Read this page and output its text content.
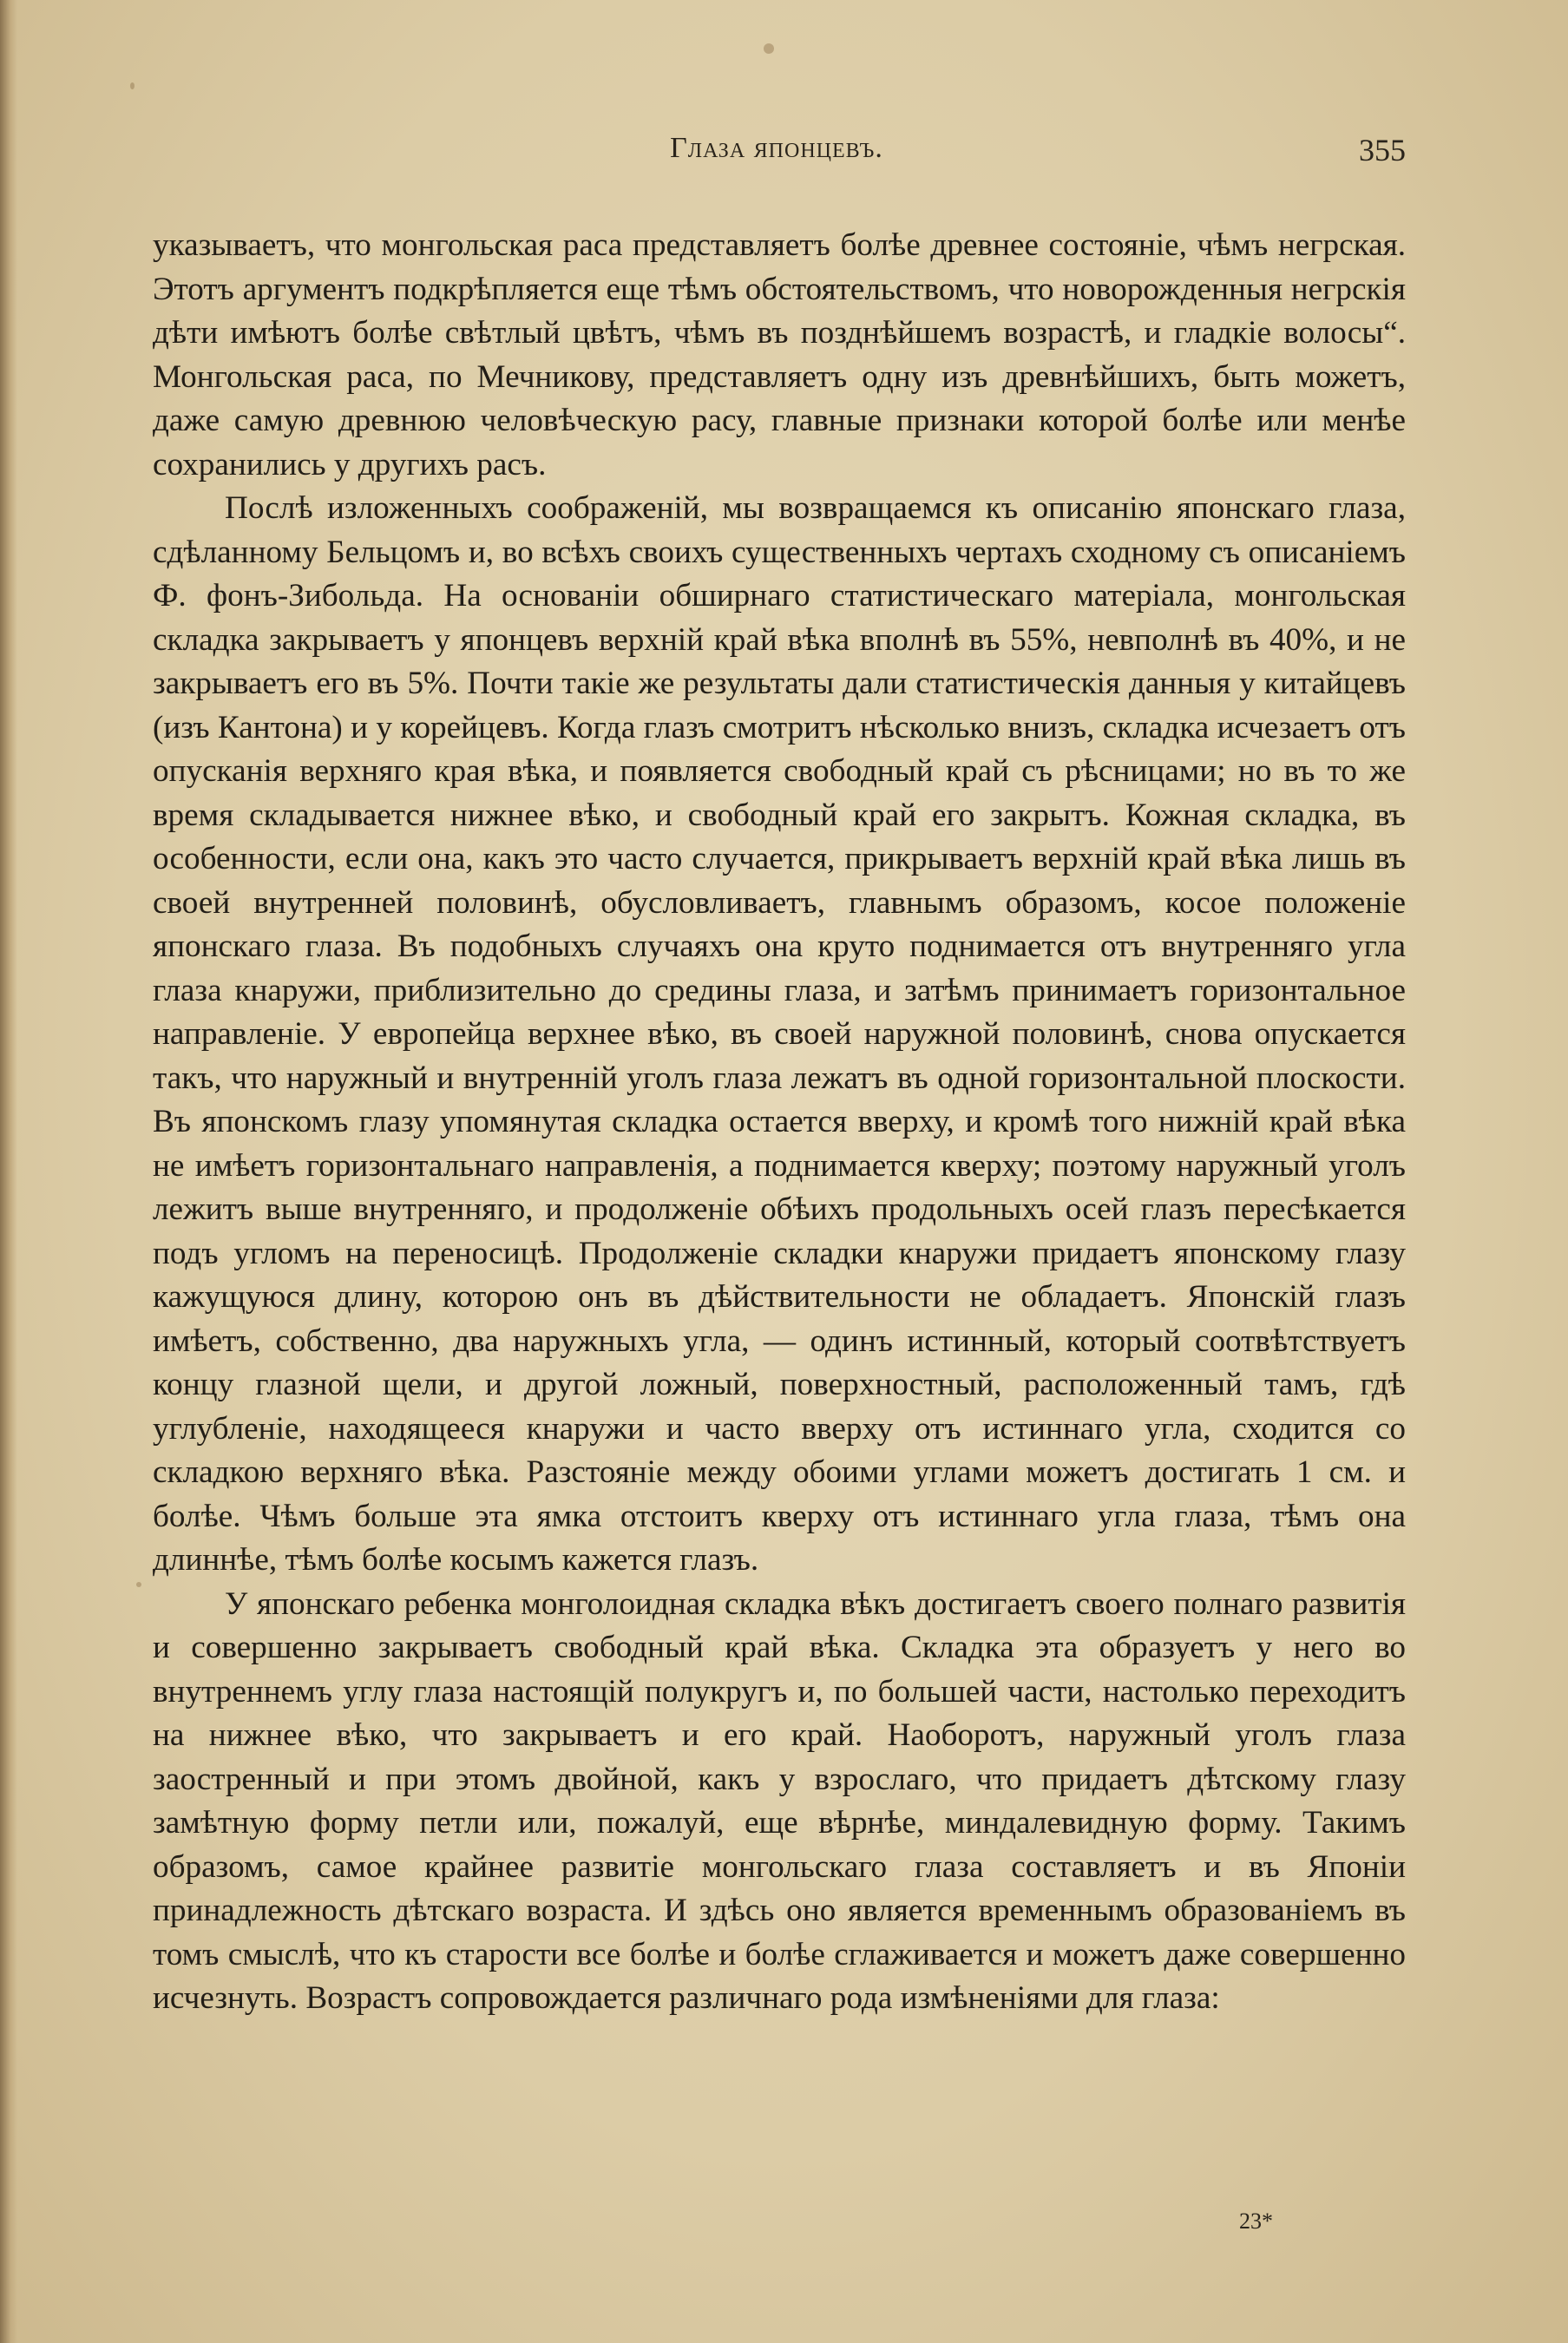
Глаза японцевъ.	355

указываетъ, что монгольская раса представляетъ болѣе древнее состояніе, чѣмъ негрская. Этотъ аргументъ подкрѣпляется еще тѣмъ обстоятельствомъ, что новорожденныя негрскія дѣти имѣютъ болѣе свѣтлый цвѣтъ, чѣмъ въ позднѣйшемъ возрастѣ, и гладкіе волосы“. Монгольская раса, по Мечникову, представляетъ одну изъ древнѣйшихъ, быть можетъ, даже самую древнюю человѣческую расу, главные признаки которой болѣе или менѣе сохранились у другихъ расъ.

Послѣ изложенныхъ соображеній, мы возвращаемся къ описанію японскаго глаза, сдѣланному Бельцомъ и, во всѣхъ своихъ существенныхъ чертахъ сходному съ описаніемъ Ф. фонъ-Зибольда. На основаніи обширнаго статистическаго матеріала, монгольская складка закрываетъ у японцевъ верхній край вѣка вполнѣ въ 55%, невполнѣ въ 40%, и не закрываетъ его въ 5%. Почти такіе же результаты дали статистическія данныя у китайцевъ (изъ Кантона) и у корейцевъ. Когда глазъ смотритъ нѣсколько внизъ, складка исчезаетъ отъ опусканія верхняго края вѣка, и появляется свободный край съ рѣсницами; но въ то же время складывается нижнее вѣко, и свободный край его закрытъ. Кожная складка, въ особенности, если она, какъ это часто случается, прикрываетъ верхній край вѣка лишь въ своей внутренней половинѣ, обусловливаетъ, главнымъ образомъ, косое положеніе японскаго глаза. Въ подобныхъ случаяхъ она круто поднимается отъ внутренняго угла глаза кнаружи, приблизительно до средины глаза, и затѣмъ принимаетъ горизонтальное направленіе. У европейца верхнее вѣко, въ своей наружной половинѣ, снова опускается такъ, что наружный и внутренній уголъ глаза лежатъ въ одной горизонтальной плоскости. Въ японскомъ глазу упомянутая складка остается вверху, и кромѣ того нижній край вѣка не имѣетъ горизонтальнаго направленія, а поднимается кверху; поэтому наружный уголъ лежитъ выше внутренняго, и продолженіе обѣихъ продольныхъ осей глазъ пересѣкается подъ угломъ на переносицѣ. Продолженіе складки кнаружи придаетъ японскому глазу кажущуюся длину, которою онъ въ дѣйствительности не обладаетъ. Японскій глазъ имѣетъ, собственно, два наружныхъ угла, — одинъ истинный, который соотвѣтствуетъ концу глазной щели, и другой ложный, поверхностный, расположенный тамъ, гдѣ углубленіе, находящееся кнаружи и часто вверху отъ истиннаго угла, сходится со складкою верхняго вѣка. Разстояніе между обоими углами можетъ достигать 1 см. и болѣе. Чѣмъ больше эта ямка отстоитъ кверху отъ истиннаго угла глаза, тѣмъ она длиннѣе, тѣмъ болѣе косымъ кажется глазъ.

У японскаго ребенка монголоидная складка вѣкъ достигаетъ своего полнаго развитія и совершенно закрываетъ свободный край вѣка. Складка эта образуетъ у него во внутреннемъ углу глаза настоящій полукругъ и, по большей части, настолько переходитъ на нижнее вѣко, что закрываетъ и его край. Наоборотъ, наружный уголъ глаза заостренный и при этомъ двойной, какъ у взрослаго, что придаетъ дѣтскому глазу замѣтную форму петли или, пожалуй, еще вѣрнѣе, миндалевидную форму. Такимъ образомъ, самое крайнее развитіе монгольскаго глаза составляетъ и въ Японіи принадлежность дѣтскаго возраста. И здѣсь оно является временнымъ образованіемъ въ томъ смыслѣ, что къ старости все болѣе и болѣе сглаживается и можетъ даже совершенно исчезнуть. Возрастъ сопровождается различнаго рода измѣненіями для глаза:

23*
